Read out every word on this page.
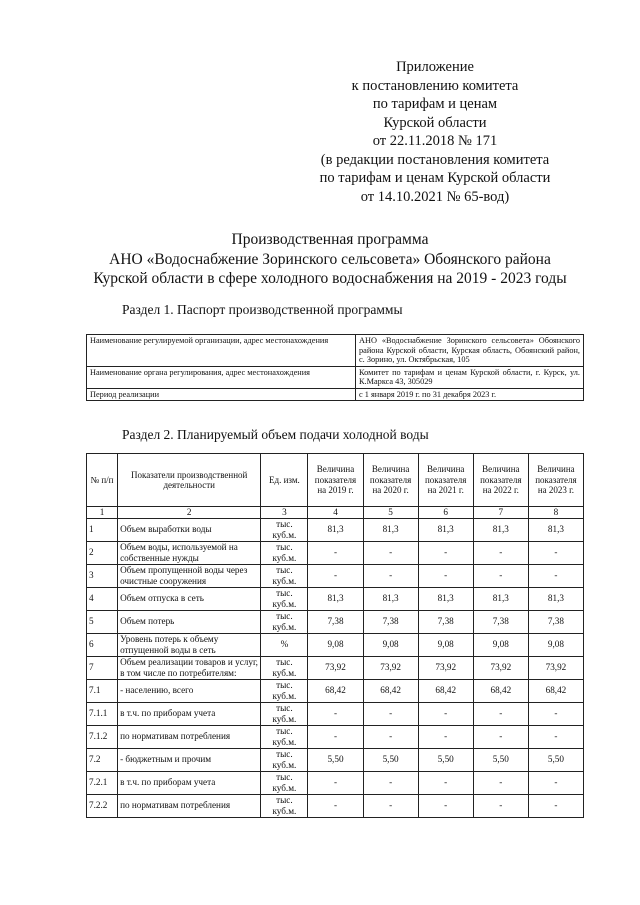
Приложение
к постановлению комитета
по тарифам и ценам
Курской области
от 22.11.2018 № 171
(в редакции постановления комитета
по тарифам и ценам Курской области
от 14.10.2021 № 65-вод)
Производственная программа
АНО «Водоснабжение Зоринского сельсовета» Обоянского района
Курской области в сфере холодного водоснабжения на 2019 - 2023 годы
Раздел 1. Паспорт производственной программы
Наименование регулируемой организации, адрес местонахождения	АНО «Водоснабжение Зоринского сельсовета» Обоянского района Курской области, Курская область, Обоянский район, с. Зорино, ул. Октябрьская, 105
Наименование органа регулирования, адрес местонахождения	Комитет по тарифам и ценам Курской области, г. Курск, ул. К.Маркса 43, 305029
Период реализации	с 1 января 2019 г. по 31 декабря 2023 г.
Раздел 2. Планируемый объем подачи холодной воды
№ п/п	Показатели производственной деятельности	Ед. изм.	Величина показателя на 2019 г.	Величина показателя на 2020 г.	Величина показателя на 2021 г.	Величина показателя на 2022 г.	Величина показателя на 2023 г.
1	2	3	4	5	6	7	8
1	Объем выработки воды	тыс. куб.м.	81,3	81,3	81,3	81,3	81,3
2	Объем воды, используемой на собственные нужды	тыс. куб.м.	-	-	-	-	-
3	Объем пропущенной воды через очистные сооружения	тыс. куб.м.	-	-	-	-	-
4	Объем отпуска в сеть	тыс. куб.м.	81,3	81,3	81,3	81,3	81,3
5	Объем потерь	тыс. куб.м.	7,38	7,38	7,38	7,38	7,38
6	Уровень потерь к объему отпущенной воды в сеть	%	9,08	9,08	9,08	9,08	9,08
7	Объем реализации товаров и услуг, в том числе по потребителям:	тыс. куб.м.	73,92	73,92	73,92	73,92	73,92
7.1	- населению, всего	тыс. куб.м.	68,42	68,42	68,42	68,42	68,42
7.1.1	в т.ч. по приборам учета	тыс. куб.м.	-	-	-	-	-
7.1.2	по нормативам потребления	тыс. куб.м.	-	-	-	-	-
7.2	- бюджетным и прочим	тыс. куб.м.	5,50	5,50	5,50	5,50	5,50
7.2.1	в т.ч. по приборам учета	тыс. куб.м.	-	-	-	-	-
7.2.2	по нормативам потребления	тыс. куб.м.	-	-	-	-	-
